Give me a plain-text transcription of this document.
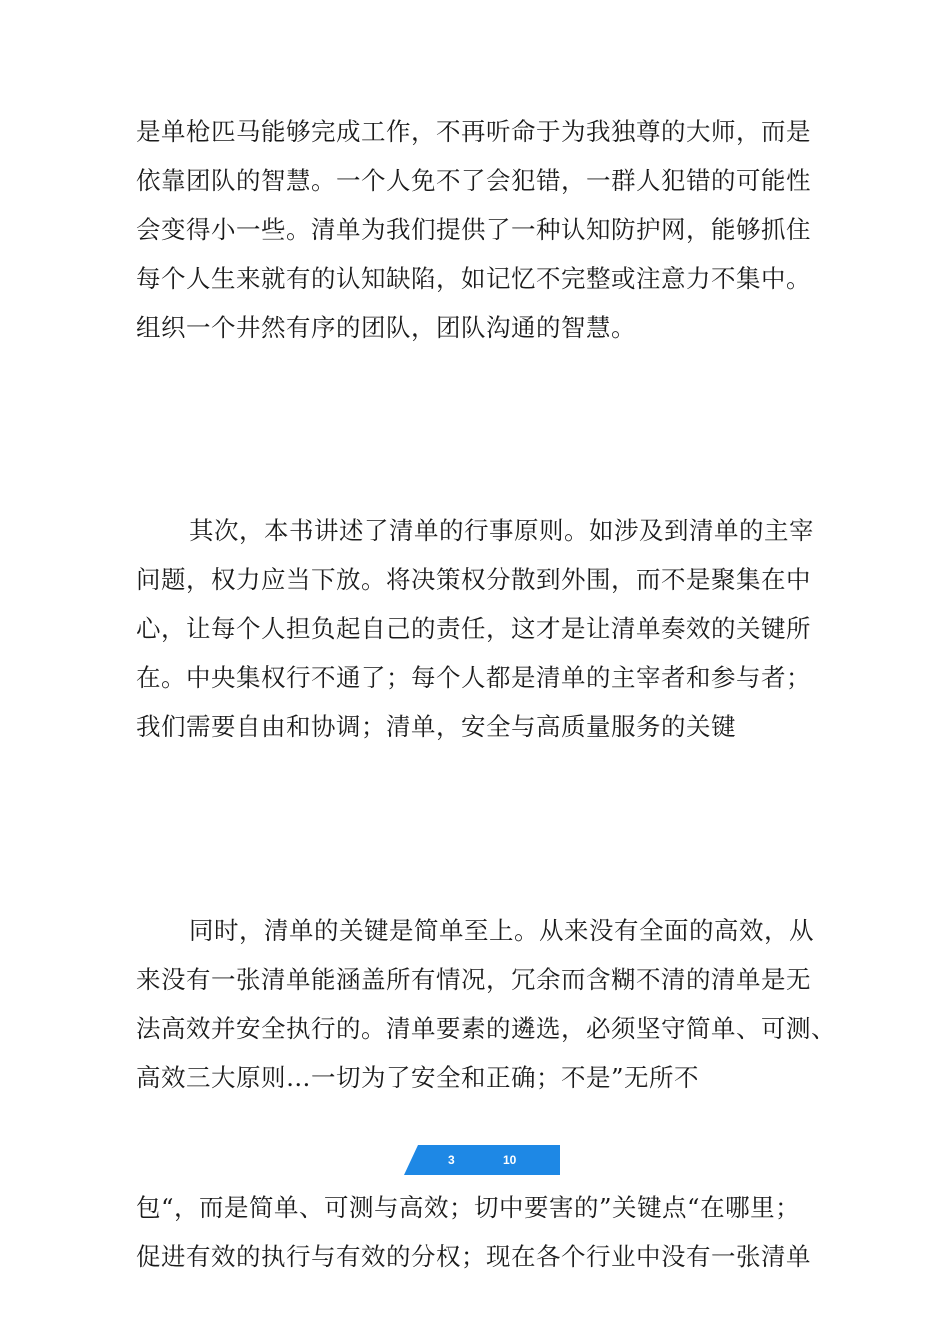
是单枪匹马能够完成工作，不再听命于为我独尊的大师，而是
依靠团队的智慧。一个人免不了会犯错，一群人犯错的可能性
会变得小一些。清单为我们提供了一种认知防护网，能够抓住
每个人生来就有的认知缺陷，如记忆不完整或注意力不集中。
组织一个井然有序的团队，团队沟通的智慧。

其次，本书讲述了清单的行事原则。如涉及到清单的主宰
问题，权力应当下放。将决策权分散到外围，而不是聚集在中
心，让每个人担负起自己的责任，这才是让清单奏效的关键所
在。中央集权行不通了；每个人都是清单的主宰者和参与者；
我们需要自由和协调；清单，安全与高质量服务的关键

同时，清单的关键是简单至上。从来没有全面的高效，从
来没有一张清单能涵盖所有情况，冗余而含糊不清的清单是无
法高效并安全执行的。清单要素的遴选，必须坚守简单、可测、
高效三大原则…一切为了安全和正确；不是”无所不

3	10

包“，而是简单、可测与高效；切中要害的”关键点“在哪里；
促进有效的执行与有效的分权；现在各个行业中没有一张清单
